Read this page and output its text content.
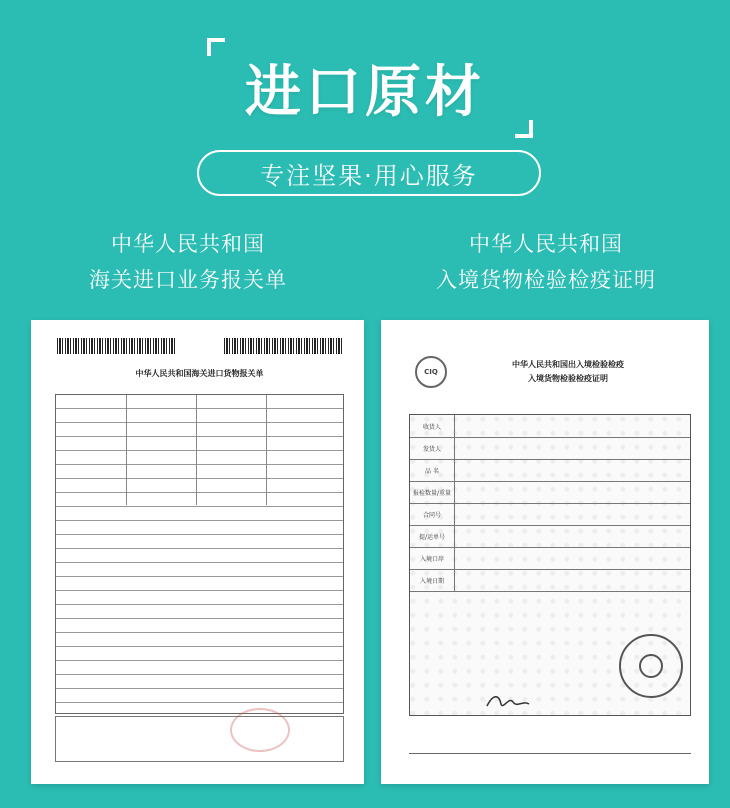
进口原材
专注坚果·用心服务
中华人民共和国
海关进口业务报关单
中华人民共和国
入境货物检验检疫证明
中华人民共和国海关进口货物报关单	CIQ
中华人民共和国出入境检验检疫
入境货物检验检疫证明
收货人
发货人
品 名
报检数量/重量
合同号
提/运单号
入境口岸
入境日期
